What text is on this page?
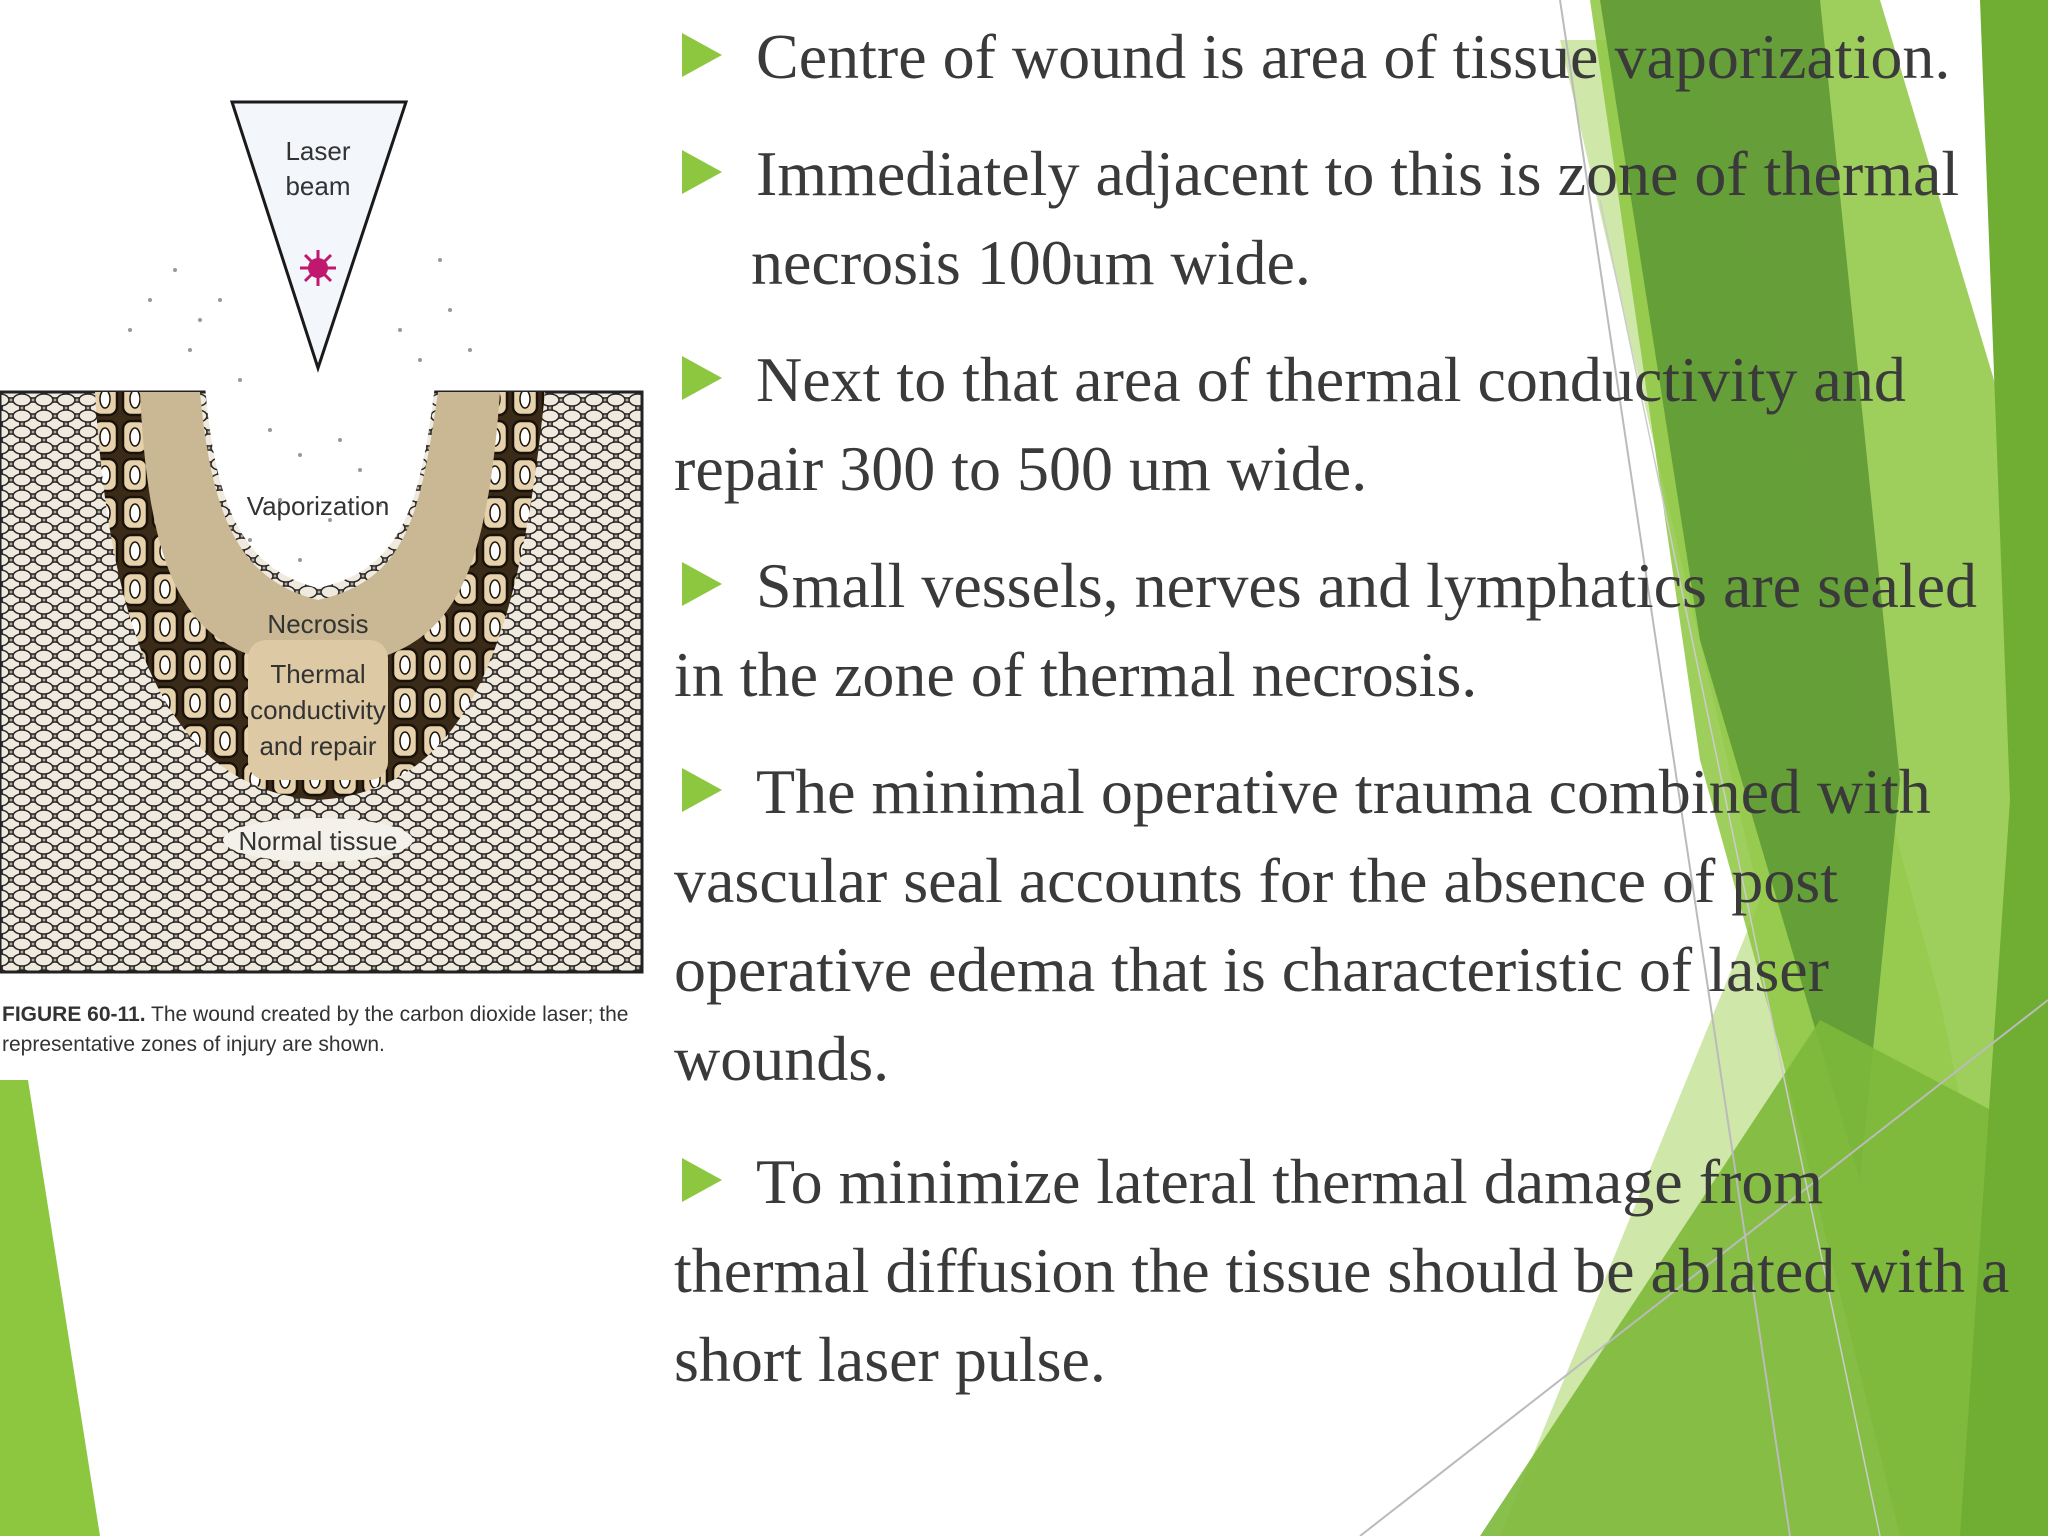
Laser
beam
Vaporization
Necrosis
Thermal
conductivity
and repair
Normal tissue
FIGURE 60-11. The wound created by the carbon dioxide laser; the representative zones of injury are shown.
Centre of wound is area of tissue vaporization.
Immediately adjacent to this is zone of thermal necrosis 100um wide.
Next to that area of thermal conductivity and repair 300 to 500 um wide.
Small vessels, nerves and lymphatics are sealed in the zone of thermal necrosis.
The minimal operative trauma combined with vascular seal accounts for the absence of post operative edema that is characteristic of laser wounds.
To minimize lateral thermal damage from thermal diffusion the tissue should be ablated with a short laser pulse.
